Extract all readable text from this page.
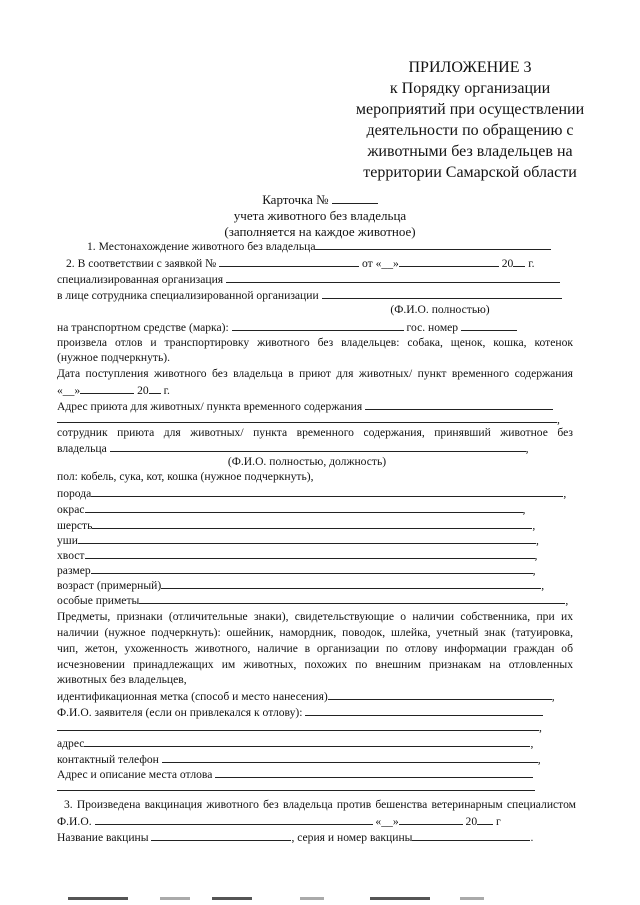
ПРИЛОЖЕНИЕ 3
к Порядку организации
мероприятий при осуществлении
деятельности по обращению с
животными без владельцев на
территории Самарской области
Карточка №
учета животного без владельца
(заполняется на каждое животное)
1. Местонахождение животного без владельца
2. В соответствии с заявкой №	от «__»	20 г.
специализированная организация
в лице сотрудника специализированной организации
(Ф.И.О. полностью)
на транспортном средстве (марка):	гос. номер
произвела отлов и транспортировку животного без владельцев: собака, щенок, кошка, котенок
(нужное подчеркнуть).
Дата поступления животного без владельца в приют для животных/ пункт временного содержания
«__»	20 г.
Адрес приюта для животных/ пункта временного содержания
,
сотрудник приюта для животных/ пункта временного содержания, принявший животное без
владельца	,
(Ф.И.О. полностью, должность)
пол: кобель, сука, кот, кошка (нужное подчеркнуть),
порода	,
окрас	,
шерсть	,
уши	,
хвост	,
размер	,
возраст (примерный)	,
особые приметы	,
Предметы, признаки (отличительные знаки), свидетельствующие о наличии собственника, при их
наличии (нужное подчеркнуть): ошейник, намордник, поводок, шлейка, учетный знак (татуировка,
чип, жетон, ухоженность животного, наличие в организации по отлову информации граждан об
исчезновении принадлежащих им животных, похожих по внешним признакам на отловленных
животных без владельцев,
идентификационная метка (способ и место нанесения)	,
Ф.И.О. заявителя (если он привлекался к отлову):
,
адрес	,
контактный телефон	,
Адрес и описание места отлова
3. Произведена вакцинация животного без владельца против бешенства ветеринарным специалистом
Ф.И.О.	«__»	20 г
Название вакцины	, серия и номер вакцины	.
